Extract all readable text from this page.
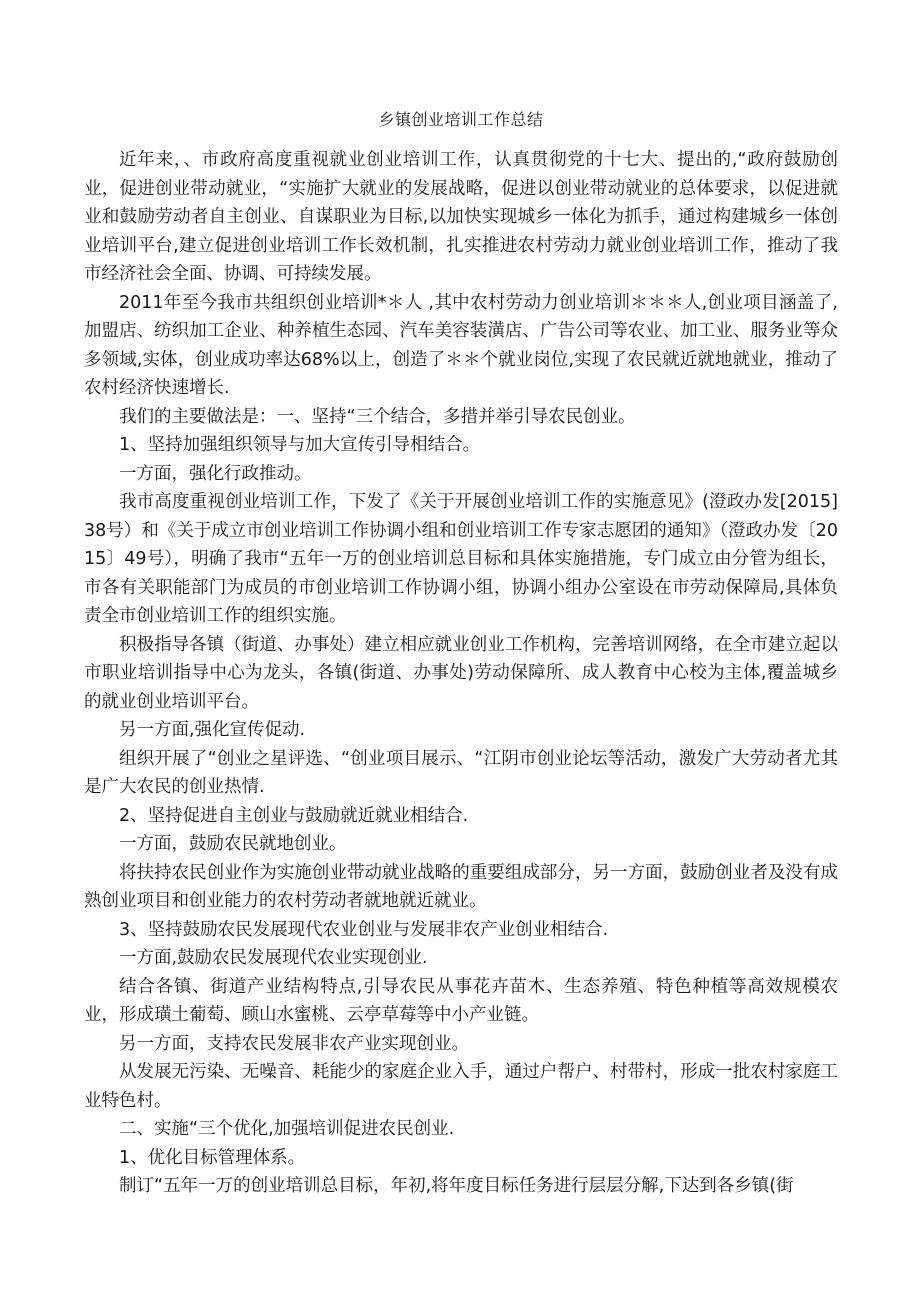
乡镇创业培训工作总结

近年来，、市政府高度重视就业创业培训工作，认真贯彻党的十七大、提出的,“政府鼓励创业，促进创业带动就业，“实施扩大就业的发展战略，促进以创业带动就业的总体要求，以促进就业和鼓励劳动者自主创业、自谋职业为目标,以加快实现城乡一体化为抓手，通过构建城乡一体创业培训平台,建立促进创业培训工作长效机制，扎实推进农村劳动力就业创业培训工作，推动了我市经济社会全面、协调、可持续发展。

2011年至今我市共组织创业培训*＊人 ,其中农村劳动力创业培训＊＊＊人,创业项目涵盖了,加盟店、纺织加工企业、种养植生态园、汽车美容装潢店、广告公司等农业、加工业、服务业等众多领域,实体，创业成功率达68%以上，创造了＊＊个就业岗位,实现了农民就近就地就业，推动了农村经济快速增长.

我们的主要做法是：一、坚持“三个结合，多措并举引导农民创业。

1、坚持加强组织领导与加大宣传引导相结合。

一方面，强化行政推动。

我市高度重视创业培训工作，下发了《关于开展创业培训工作的实施意见》(澄政办发[2015]38号）和《关于成立市创业培训工作协调小组和创业培训工作专家志愿团的通知》（澄政办发〔2015〕49号），明确了我市“五年一万的创业培训总目标和具体实施措施，专门成立由分管为组长，市各有关职能部门为成员的市创业培训工作协调小组，协调小组办公室设在市劳动保障局,具体负责全市创业培训工作的组织实施。

积极指导各镇（街道、办事处）建立相应就业创业工作机构，完善培训网络，在全市建立起以市职业培训指导中心为龙头，各镇(街道、办事处)劳动保障所、成人教育中心校为主体,覆盖城乡的就业创业培训平台。

另一方面,强化宣传促动.

组织开展了“创业之星评选、“创业项目展示、“江阴市创业论坛等活动，激发广大劳动者尤其是广大农民的创业热情.

2、坚持促进自主创业与鼓励就近就业相结合.

一方面，鼓励农民就地创业。

将扶持农民创业作为实施创业带动就业战略的重要组成部分，另一方面，鼓励创业者及没有成熟创业项目和创业能力的农村劳动者就地就近就业。

3、坚持鼓励农民发展现代农业创业与发展非农产业创业相结合.

一方面,鼓励农民发展现代农业实现创业.

结合各镇、街道产业结构特点,引导农民从事花卉苗木、生态养殖、特色种植等高效规模农业，形成璜土葡萄、顾山水蜜桃、云亭草莓等中小产业链。

另一方面，支持农民发展非农产业实现创业。

从发展无污染、无噪音、耗能少的家庭企业入手，通过户帮户、村带村，形成一批农村家庭工业特色村。

二、实施“三个优化,加强培训促进农民创业.

1、优化目标管理体系。

制订“五年一万的创业培训总目标，年初,将年度目标任务进行层层分解,下达到各乡镇(街
